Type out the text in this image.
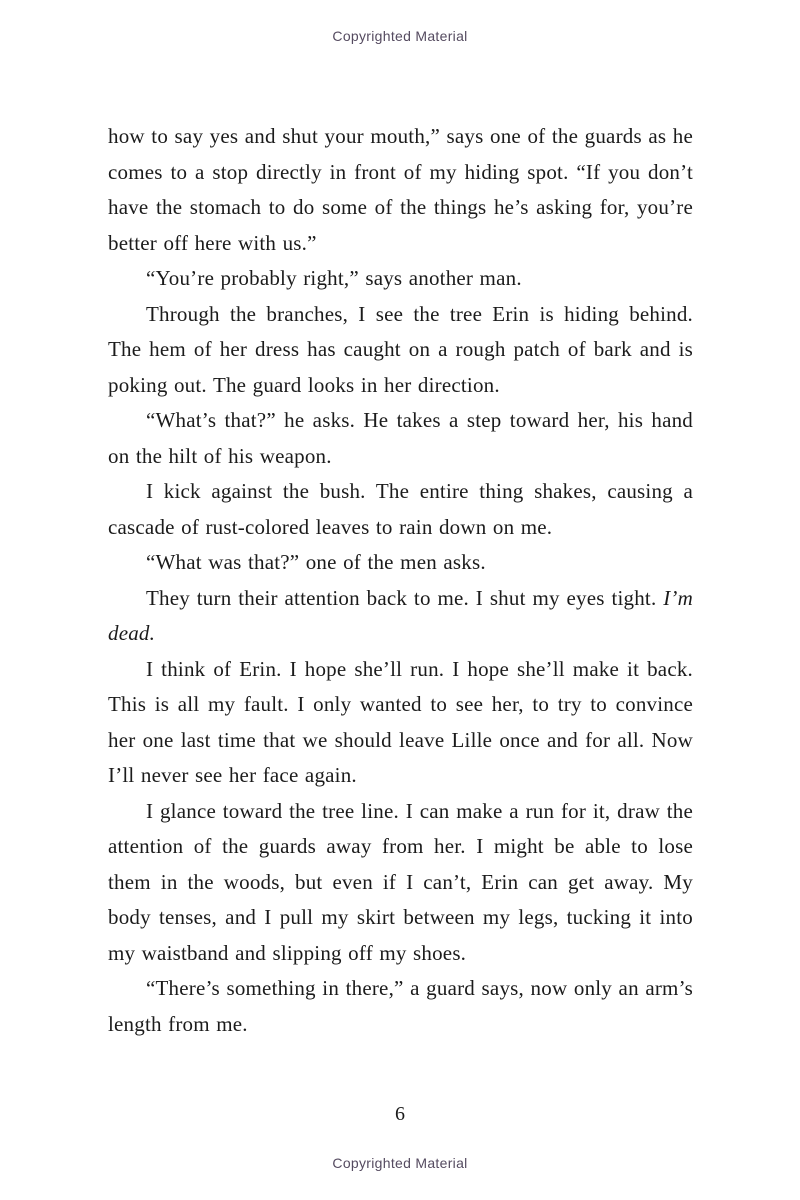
Copyrighted Material

how to say yes and shut your mouth,” says one of the guards as he comes to a stop directly in front of my hiding spot. “If you don’t have the stomach to do some of the things he’s asking for, you’re better off here with us.”

“You’re probably right,” says another man.

Through the branches, I see the tree Erin is hiding behind. The hem of her dress has caught on a rough patch of bark and is poking out. The guard looks in her direction.

“What’s that?” he asks. He takes a step toward her, his hand on the hilt of his weapon.

I kick against the bush. The entire thing shakes, causing a cascade of rust-colored leaves to rain down on me.

“What was that?” one of the men asks.

They turn their attention back to me. I shut my eyes tight. I’m dead.

I think of Erin. I hope she’ll run. I hope she’ll make it back. This is all my fault. I only wanted to see her, to try to convince her one last time that we should leave Lille once and for all. Now I’ll never see her face again.

I glance toward the tree line. I can make a run for it, draw the attention of the guards away from her. I might be able to lose them in the woods, but even if I can’t, Erin can get away. My body tenses, and I pull my skirt between my legs, tucking it into my waistband and slipping off my shoes.

“There’s something in there,” a guard says, now only an arm’s length from me.

6
Copyrighted Material
